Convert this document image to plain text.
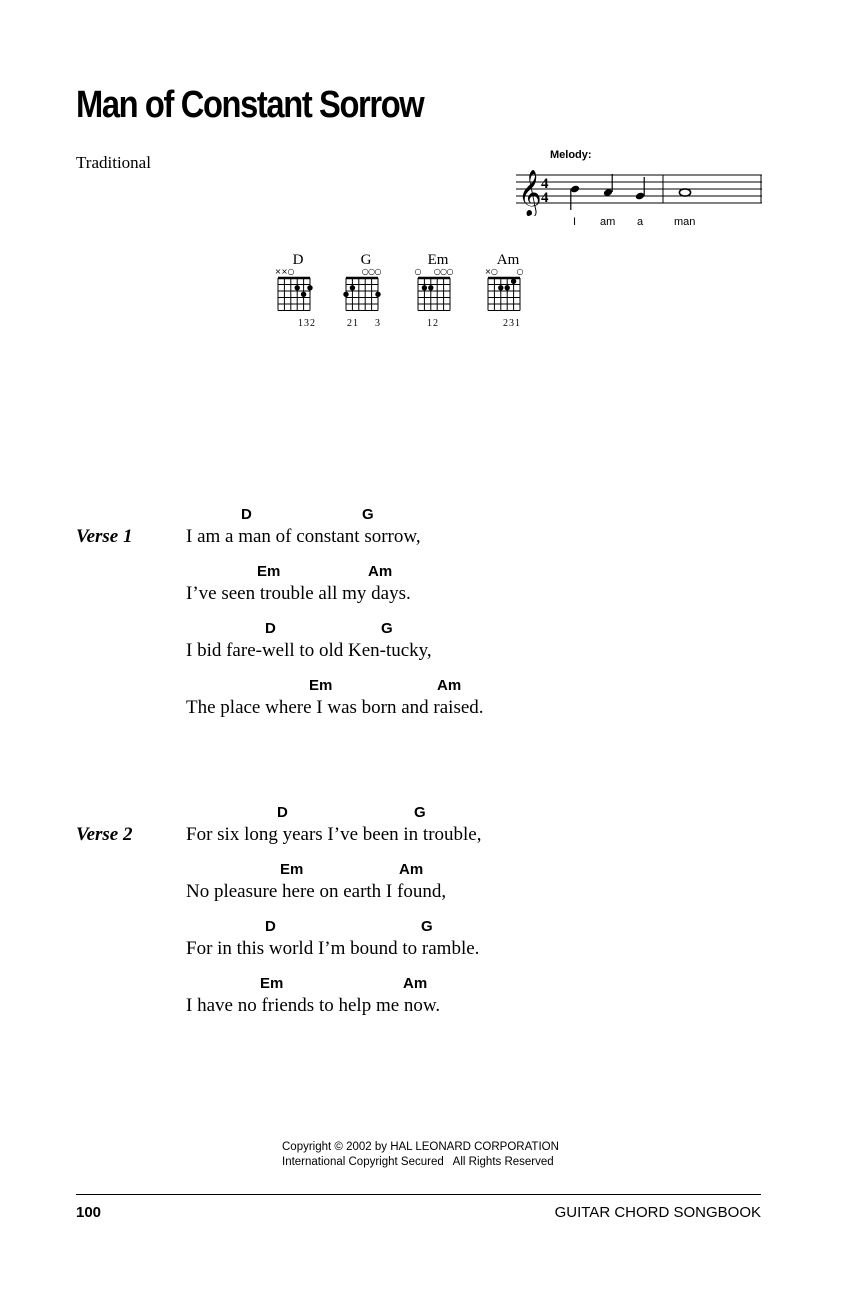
Man of Constant Sorrow
Traditional	Melody:
𝄞 4
4
I am a	man
D
× × ○
132
G
○ ○ ○
21 3
Em
○ ○ ○ ○
12
Am
× ○ ○
231
Verse 1
D	G
I am a man of constant sorrow,
Em	Am
I’ve seen trouble all my days.
D	G
I bid fare-well to old Ken-tucky,
Em	Am
The place where I was born and raised.
Verse 2
D	G
For six long years I’ve been in trouble,
Em	Am
No pleasure here on earth I found,
D	G
For in this world I’m bound to ramble.
Em	Am
I have no friends to help me now.
Copyright © 2002 by HAL LEONARD CORPORATION
International Copyright Secured   All Rights Reserved
100	GUITAR CHORD SONGBOOK
